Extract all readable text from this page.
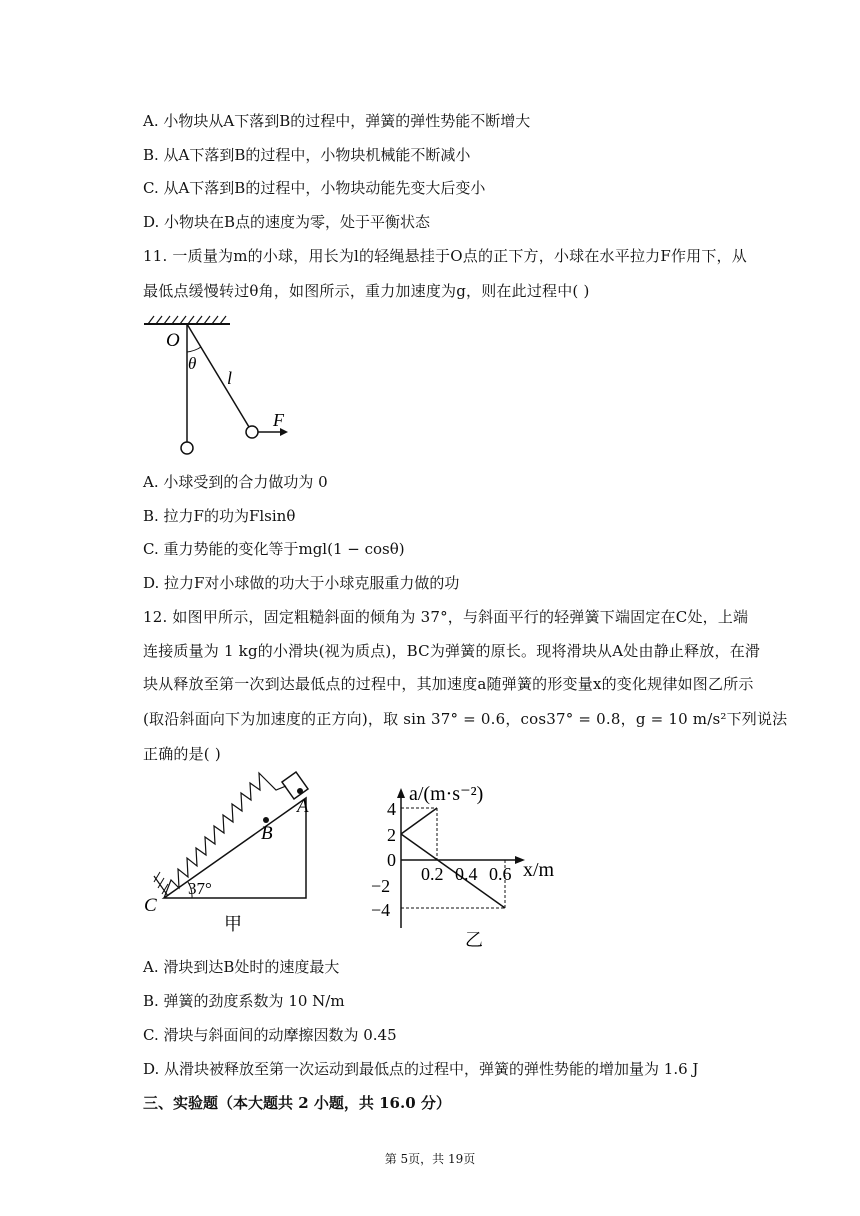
A. 小物块从A下落到B的过程中，弹簧的弹性势能不断增大
B. 从A下落到B的过程中，小物块机械能不断减小
C. 从A下落到B的过程中，小物块动能先变大后变小
D. 小物块在B点的速度为零，处于平衡状态
11. 一质量为m的小球，用长为l的轻绳悬挂于O点的正下方，小球在水平拉力F作用下，从
最低点缓慢转过θ角，如图所示，重力加速度为g，则在此过程中( )
O
θ
l
F
A. 小球受到的合力做功为 0
B. 拉力F的功为Flsinθ
C. 重力势能的变化等于mgl(1 − cosθ)
D. 拉力F对小球做的功大于小球克服重力做的功
12. 如图甲所示，固定粗糙斜面的倾角为 37°，与斜面平行的轻弹簧下端固定在C处，上端
连接质量为 1 kg的小滑块(视为质点)，BC为弹簧的原长。现将滑块从A处由静止释放，在滑
块从释放至第一次到达最低点的过程中，其加速度a随弹簧的形变量x的变化规律如图乙所示
(取沿斜面向下为加速度的正方向)，取 sin 37° = 0.6，cos37° = 0.8，g = 10 m/s²下列说法
正确的是( )
A
B
C
37°
甲
a/(m·s⁻²)
x/m
4
2
0
−2
−4
0.2 0.4 0.6
乙
A. 滑块到达B处时的速度最大
B. 弹簧的劲度系数为 10 N/m
C. 滑块与斜面间的动摩擦因数为 0.45
D. 从滑块被释放至第一次运动到最低点的过程中，弹簧的弹性势能的增加量为 1.6 J
三、实验题（本大题共 2 小题，共 16.0 分）
第 5页，共 19页
